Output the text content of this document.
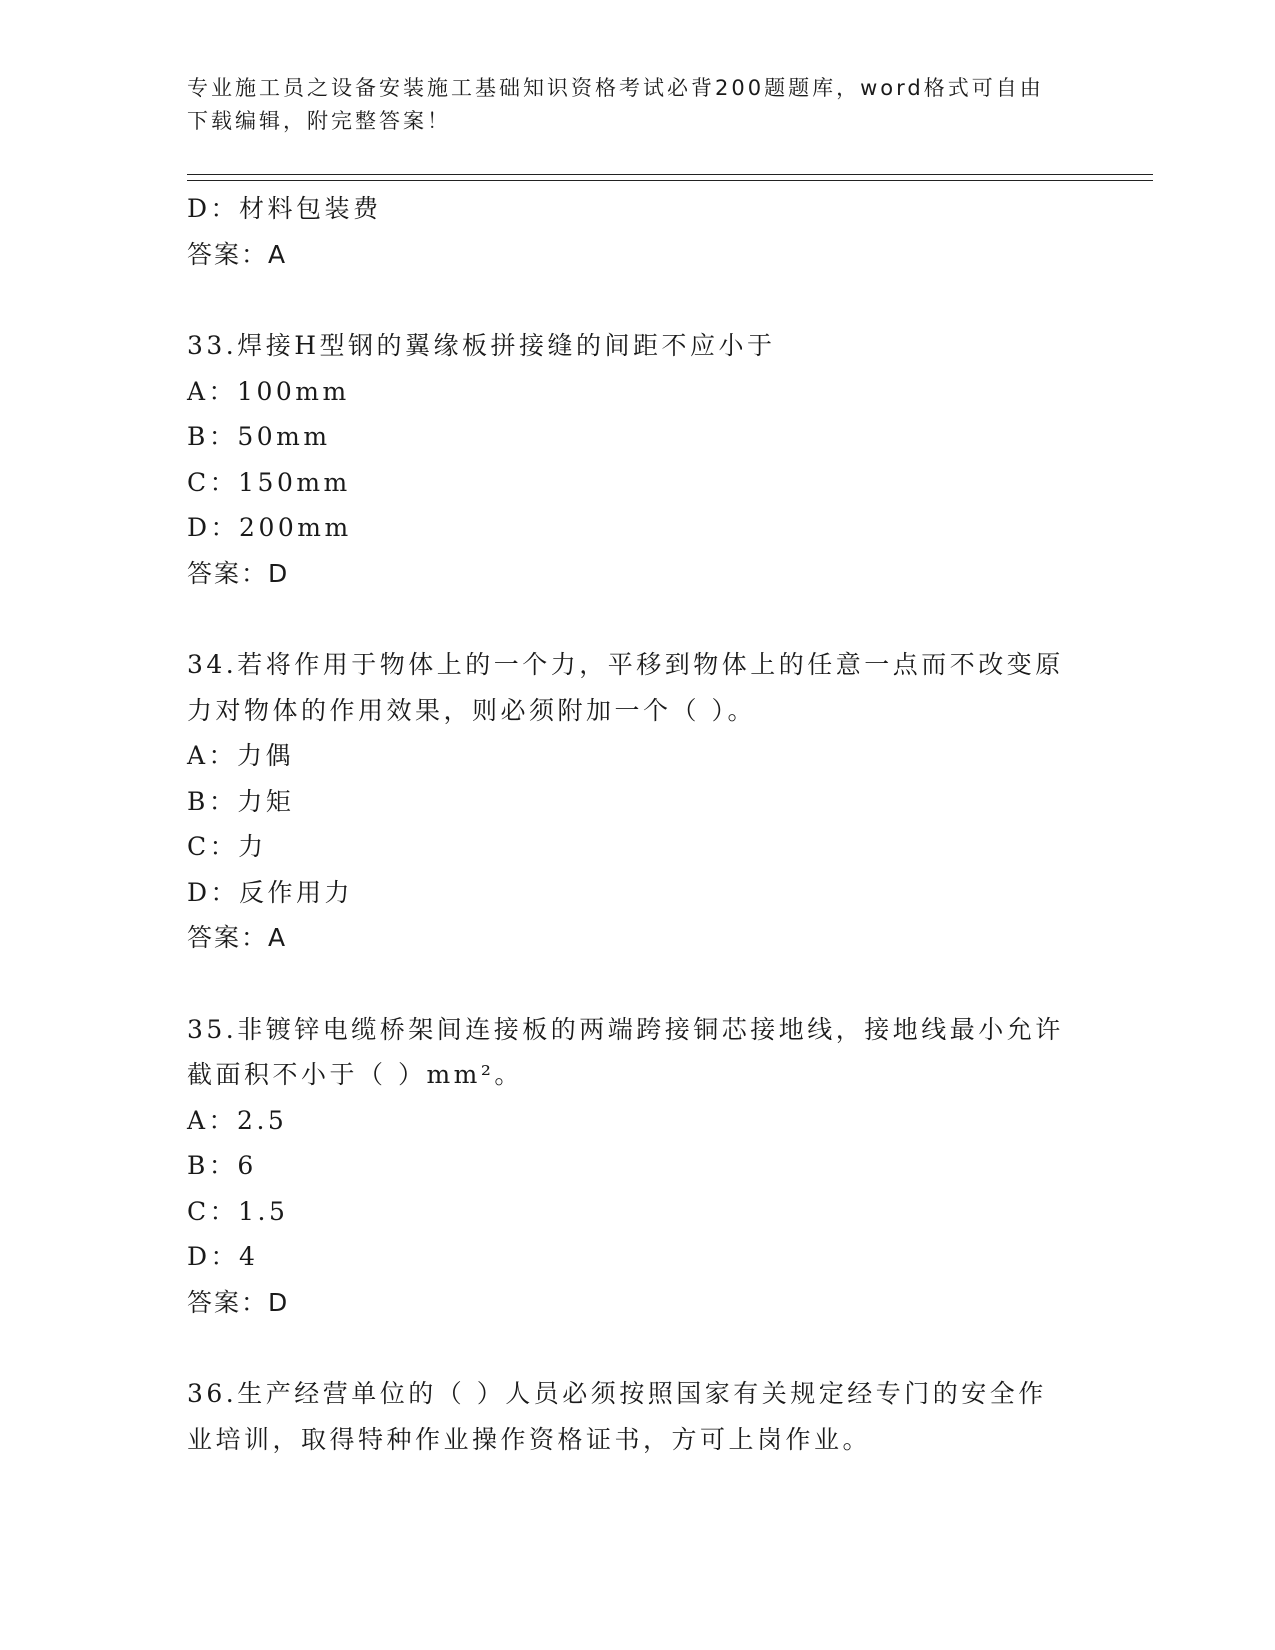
专业施工员之设备安装施工基础知识资格考试必背200题题库，word格式可自由
下载编辑，附完整答案！
D：材料包装费
答案：A
33.焊接H型钢的翼缘板拼接缝的间距不应小于
A：100mm
B：50mm
C：150mm
D：200mm
答案：D
34.若将作用于物体上的一个力，平移到物体上的任意一点而不改变原
力对物体的作用效果，则必须附加一个（ ）。
A：力偶
B：力矩
C：力
D：反作用力
答案：A
35.非镀锌电缆桥架间连接板的两端跨接铜芯接地线，接地线最小允许
截面积不小于（ ）mm²。
A：2.5
B：6
C：1.5
D：4
答案：D
36.生产经营单位的（ ）人员必须按照国家有关规定经专门的安全作
业培训，取得特种作业操作资格证书，方可上岗作业。
